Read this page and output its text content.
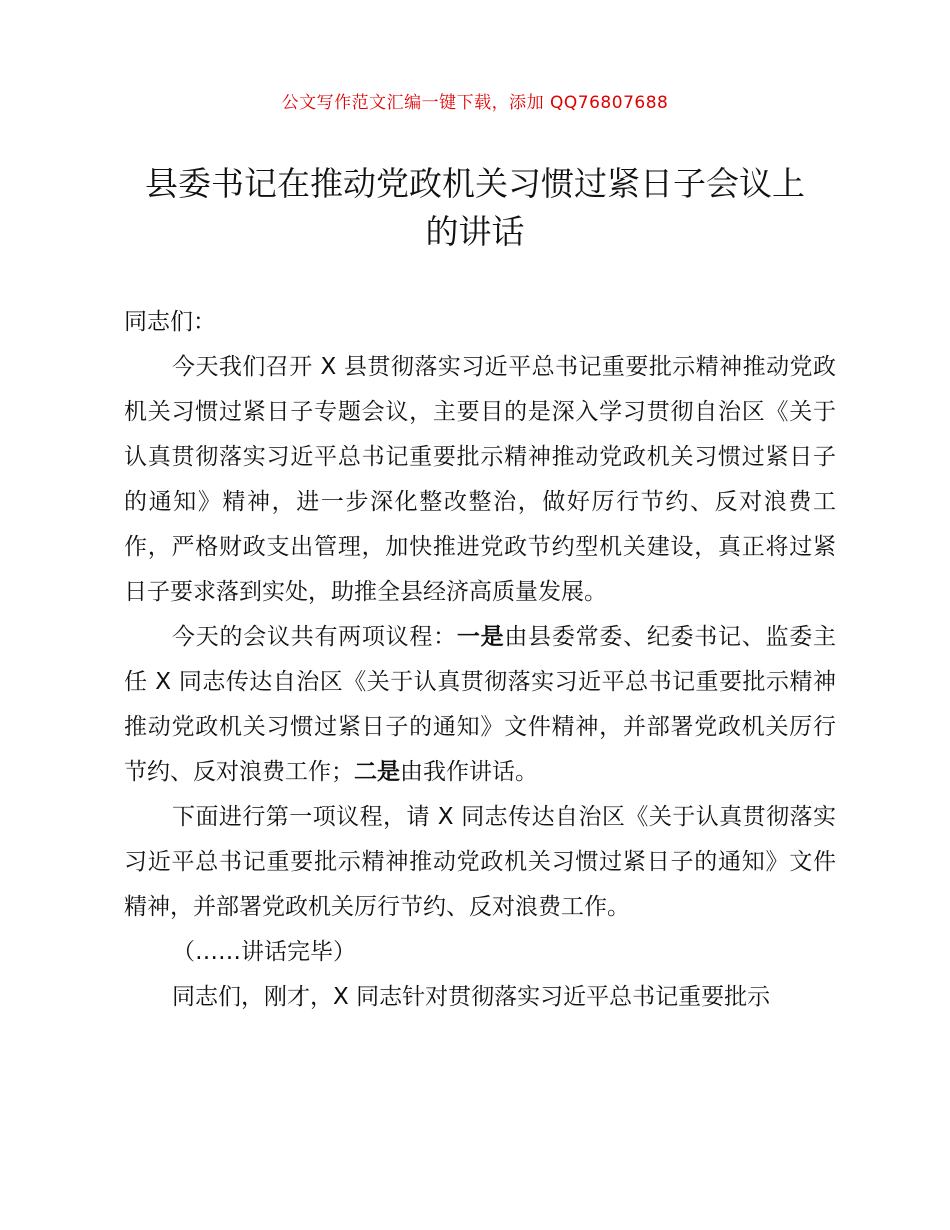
公文写作范文汇编一键下载，添加 QQ76807688
县委书记在推动党政机关习惯过紧日子会议上
的讲话

同志们：

今天我们召开 X 县贯彻落实习近平总书记重要批示精神推动党政机关习惯过紧日子专题会议，主要目的是深入学习贯彻自治区《关于认真贯彻落实习近平总书记重要批示精神推动党政机关习惯过紧日子的通知》精神，进一步深化整改整治，做好厉行节约、反对浪费工作，严格财政支出管理，加快推进党政节约型机关建设，真正将过紧日子要求落到实处，助推全县经济高质量发展。

今天的会议共有两项议程：一是由县委常委、纪委书记、监委主任 X 同志传达自治区《关于认真贯彻落实习近平总书记重要批示精神推动党政机关习惯过紧日子的通知》文件精神，并部署党政机关厉行节约、反对浪费工作；二是由我作讲话。

下面进行第一项议程，请 X 同志传达自治区《关于认真贯彻落实习近平总书记重要批示精神推动党政机关习惯过紧日子的通知》文件精神，并部署党政机关厉行节约、反对浪费工作。

（……讲话完毕）

同志们，刚才，X 同志针对贯彻落实习近平总书记重要批示
